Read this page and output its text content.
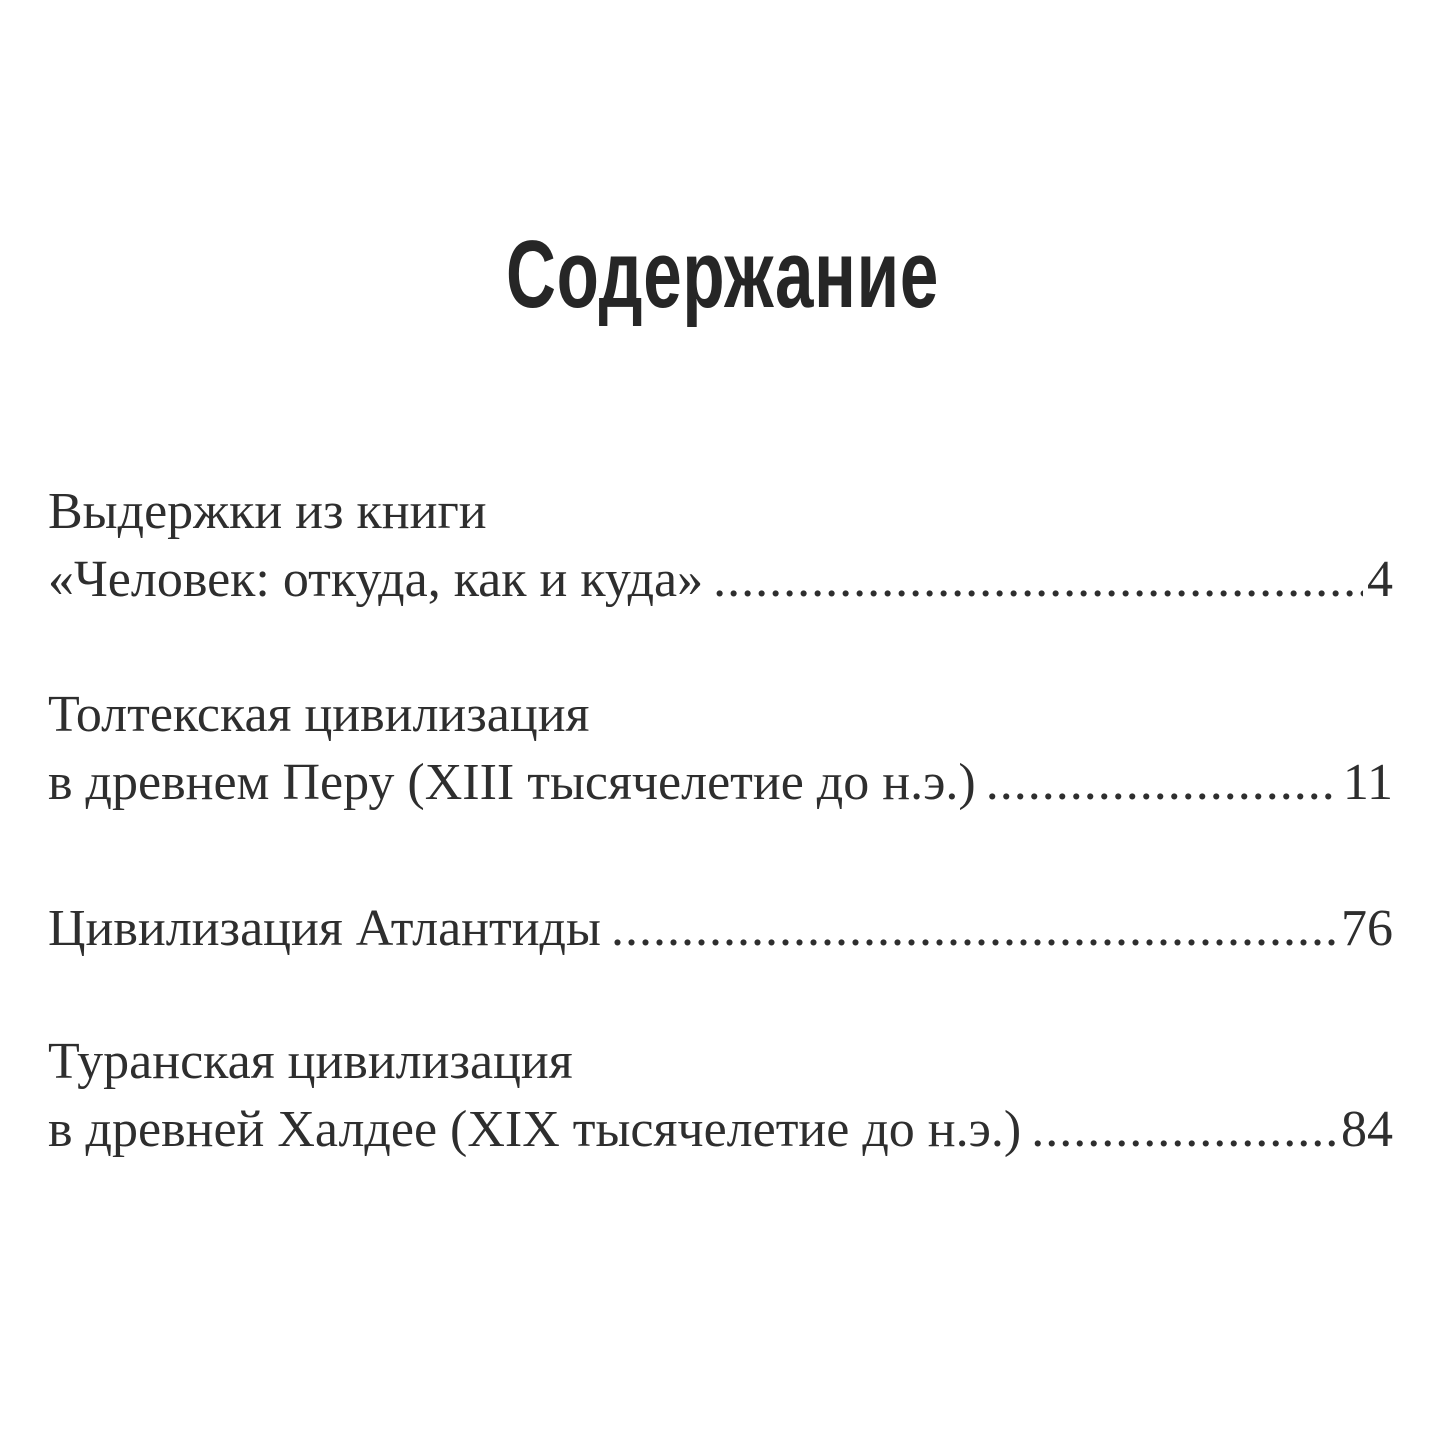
Содержание
Выдержки из книги
«Человек: откуда, как и куда» .....	4
Толтекская цивилизация
в древнем Перу (XIII тысячелетие до н.э.) .....	11
Цивилизация Атлантиды .....	76
Туранская цивилизация
в древней Халдее (XIX тысячелетие до н.э.) .....	84
